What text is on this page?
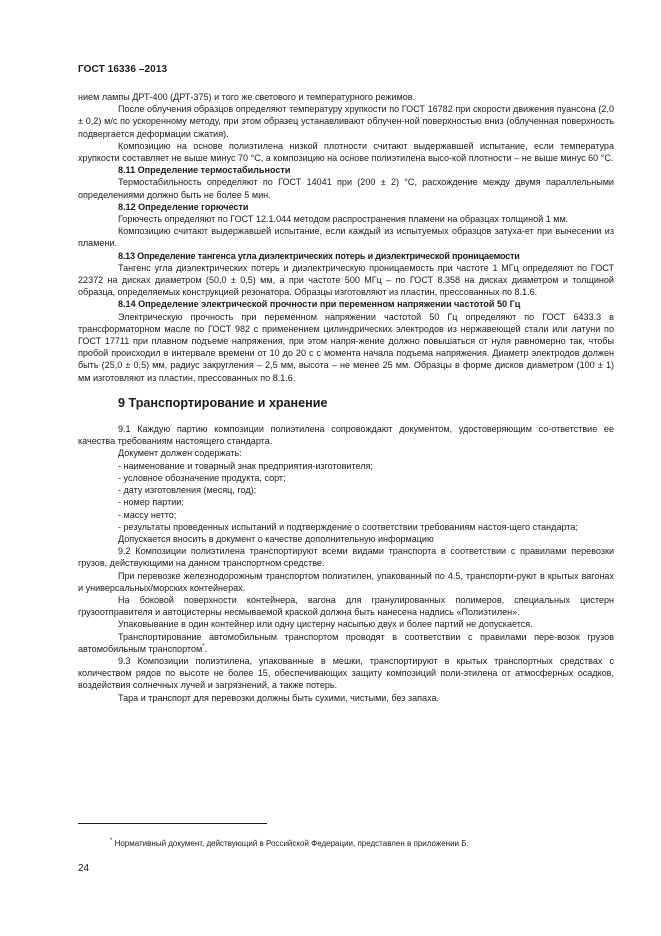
ГОСТ 16336 –2013

нием лампы ДРТ-400 (ДРТ-375) и того же светового и температурного режимов.

После облучения образцов определяют температуру хрупкости по ГОСТ 16782 при скорости движения пуансона (2,0 ± 0,2) м/с по ускоренному методу, при этом образец устанавливают облучен-ной поверхностью вниз (облученная поверхность подвергается деформации сжатия).

Композицию на основе полиэтилена низкой плотности считают выдержавшей испытание, если температура хрупкости составляет не выше минус 70 °С, а композицию на основе полиэтилена высо-кой плотности – не выше минус 60 °С.

8.11 Определение термостабильности

Термостабильность определяют по ГОСТ 14041 при (200 ± 2) °С, расхождение между двумя параллельными определениями должно быть не более 5 мин.

8.12 Определение горючести

Горючесть определяют по ГОСТ 12.1.044 методом распространения пламени на образцах толщиной 1 мм.

Композицию считают выдержавшей испытание, если каждый из испытуемых образцов затуха-ет при вынесении из пламени.

8.13 Определение тангенса угла диэлектрических потерь и диэлектрической проницаемости

Тангенс угла диэлектрических потерь и диэлектрическую проницаемость при частоте 1 МГц определяют по ГОСТ 22372 на дисках диаметром (50,0 ± 0,5) мм, а при частоте 500 МГц – по ГОСТ 8.358 на дисках диаметром и толщиной образца, определяемых конструкцией резонатора. Образцы изготовляют из пластин, прессованных по 8.1.6.

8.14 Определение электрической прочности при переменном напряжении частотой 50 Гц

Электрическую прочность при переменном напряжении частотой 50 Гц определяют по ГОСТ 6433.3 в трансформаторном масле по ГОСТ 982 с применением цилиндрических электродов из нержавеющей стали или латуни по ГОСТ 17711 при плавном подъеме напряжения, при этом напря-жение должно повышаться от нуля равномерно так, чтобы пробой происходил в интервале времени от 10 до 20 с с момента начала подъема напряжения. Диаметр электродов должен быть (25,0 ± 0,5) мм, радиус закругления – 2,5 мм, высота – не менее 25 мм. Образцы в форме дисков диаметром (100 ± 1) мм изготовляют из пластин, прессованных по 8.1.6.

9 Транспортирование и хранение

9.1 Каждую партию композиции полиэтилена сопровождают документом, удостоверяющим со-ответствие ее качества требованиям настоящего стандарта.

Документ должен содержать:

- наименование и товарный знак предприятия-изготовителя;

- условное обозначение продукта, сорт;

- дату изготовления (месяц, год);

- номер партии;

- массу нетто;

- результаты проведенных испытаний и подтверждение о соответствии требованиям настоя-щего стандарта;

Допускается вносить в документ о качестве дополнительную информацию

9.2 Композиции полиэтилена транспортируют всеми видами транспорта в соответствии с правилами перевозки грузов, действующими на данном транспортном средстве.

При перевозке железнодорожным транспортом полиэтилен, упакованный по 4.5, транспорти-руют в крытых вагонах и универсальных/морских контейнерах.

На боковой поверхности контейнера, вагона для гранулированных полимеров, специальных цистерн грузоотправителя и автоцистерны несмываемой краской должна быть нанесена надпись «Полиэтилен».

Упаковывание в один контейнер или одну цистерну насыпью двух и более партий не допускается.

Транспортирование автомобильным транспортом проводят в соответствии с правилами пере-возок грузов автомобильным транспортом*.

9.3 Композиции полиэтилена, упакованные в мешки, транспортируют в крытых транспортных средствах с количеством рядов по высоте не более 15, обеспечивающих защиту композиций поли-этилена от атмосферных осадков, воздействия солнечных лучей и загрязнений, а также потерь.

Тара и транспорт для перевозки должны быть сухими, чистыми, без запаха.

* Нормативный документ, действующий в Российской Федерации, представлен в приложении Б.
24
